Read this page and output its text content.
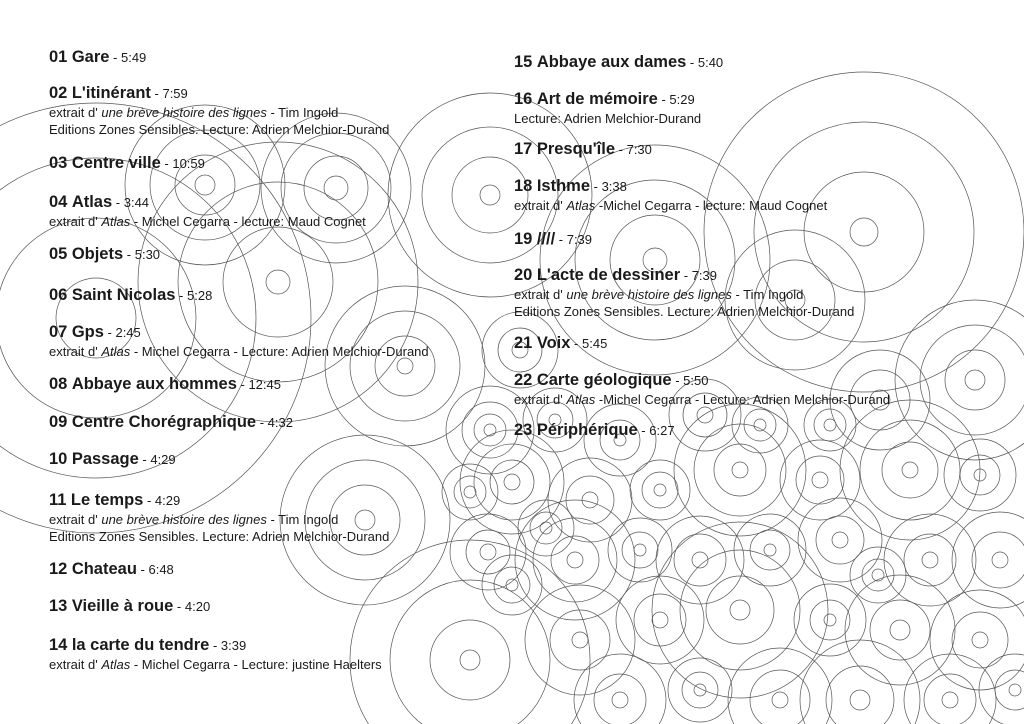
01 Gare - 5:49
02 L'itinérant - 7:59
extrait d' une brève histoire des lignes - Tim Ingold
Editions Zones Sensibles. Lecture: Adrien Melchior-Durand
03 Centre ville - 10:59
04 Atlas - 3:44
extrait d' Atlas - Michel Cegarra - lecture: Maud Cognet
05 Objets - 5:30
06 Saint Nicolas - 5:28
07 Gps - 2:45
extrait d' Atlas - Michel Cegarra - Lecture: Adrien Melchior-Durand
08 Abbaye aux hommes - 12:45
09 Centre Chorégraphique - 4:32
10 Passage - 4:29
11 Le temps - 4:29
extrait d' une brève histoire des lignes - Tim Ingold
Editions Zones Sensibles. Lecture: Adrien Melchior-Durand
12 Chateau - 6:48
13 Vieille à roue - 4:20
14 la carte du tendre - 3:39
extrait d' Atlas - Michel Cegarra - Lecture: justine Haelters
15 Abbaye aux dames - 5:40
16 Art de mémoire - 5:29
Lecture: Adrien Melchior-Durand
17 Presqu'île - 7:30
18 Isthme - 3:38
extrait d' Atlas -Michel Cegarra - lecture: Maud Cognet
19 //// - 7:39
20 L'acte de dessiner - 7:39
extrait d' une brève histoire des lignes - Tim Ingold
Editions Zones Sensibles. Lecture: Adrien Melchior-Durand
21 Voix - 5:45
22 Carte géologique - 5:50
extrait d' Atlas -Michel Cegarra - Lecture: Adrien Melchior-Durand
23 Périphérique - 6:27
